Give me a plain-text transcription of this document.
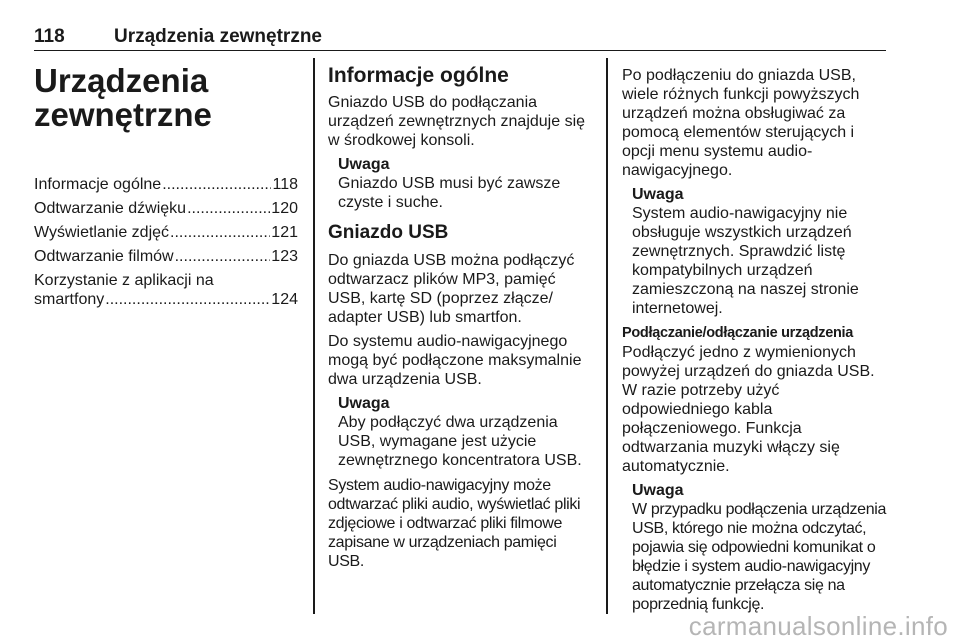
118	Urządzenia zewnętrzne
Urządzenia
zewnętrzne
Informacje ogólne .....	118
Odtwarzanie dźwięku .....	120
Wyświetlanie zdjęć .....	121
Odtwarzanie filmów .....	123
Korzystanie z aplikacji na
smartfony .....	124
Informacje ogólne

Gniazdo USB do podłączania urządzeń zewnętrznych znajduje się w środkowej konsoli.

Uwaga
Gniazdo USB musi być zawsze czyste i suche.
Gniazdo USB

Do gniazda USB można podłączyć odtwarzacz plików MP3, pamięć USB, kartę SD (poprzez złącze/ adapter USB) lub smartfon.

Do systemu audio-nawigacyjnego mogą być podłączone maksymalnie dwa urządzenia USB.

Uwaga
Aby podłączyć dwa urządzenia USB, wymagane jest użycie zewnętrznego koncentratora USB.

System audio-nawigacyjny może odtwarzać pliki audio, wyświetlać pliki zdjęciowe i odtwarzać pliki filmowe zapisane w urządzeniach pamięci USB.

Po podłączeniu do gniazda USB, wiele różnych funkcji powyższych urządzeń można obsługiwać za pomocą elementów sterujących i opcji menu systemu audio-nawigacyjnego.

Uwaga
System audio-nawigacyjny nie obsługuje wszystkich urządzeń zewnętrznych. Sprawdzić listę kompatybilnych urządzeń zamieszczoną na naszej stronie internetowej.
Podłączanie/odłączanie urządzenia

Podłączyć jedno z wymienionych powyżej urządzeń do gniazda USB. W razie potrzeby użyć odpowiedniego kabla połączeniowego. Funkcja odtwarzania muzyki włączy się automatycznie.

Uwaga
W przypadku podłączenia urządzenia USB, którego nie można odczytać, pojawia się odpowiedni komunikat o błędzie i system audio-nawigacyjny automatycznie przełącza się na poprzednią funkcję.
carmanualsonline.info
